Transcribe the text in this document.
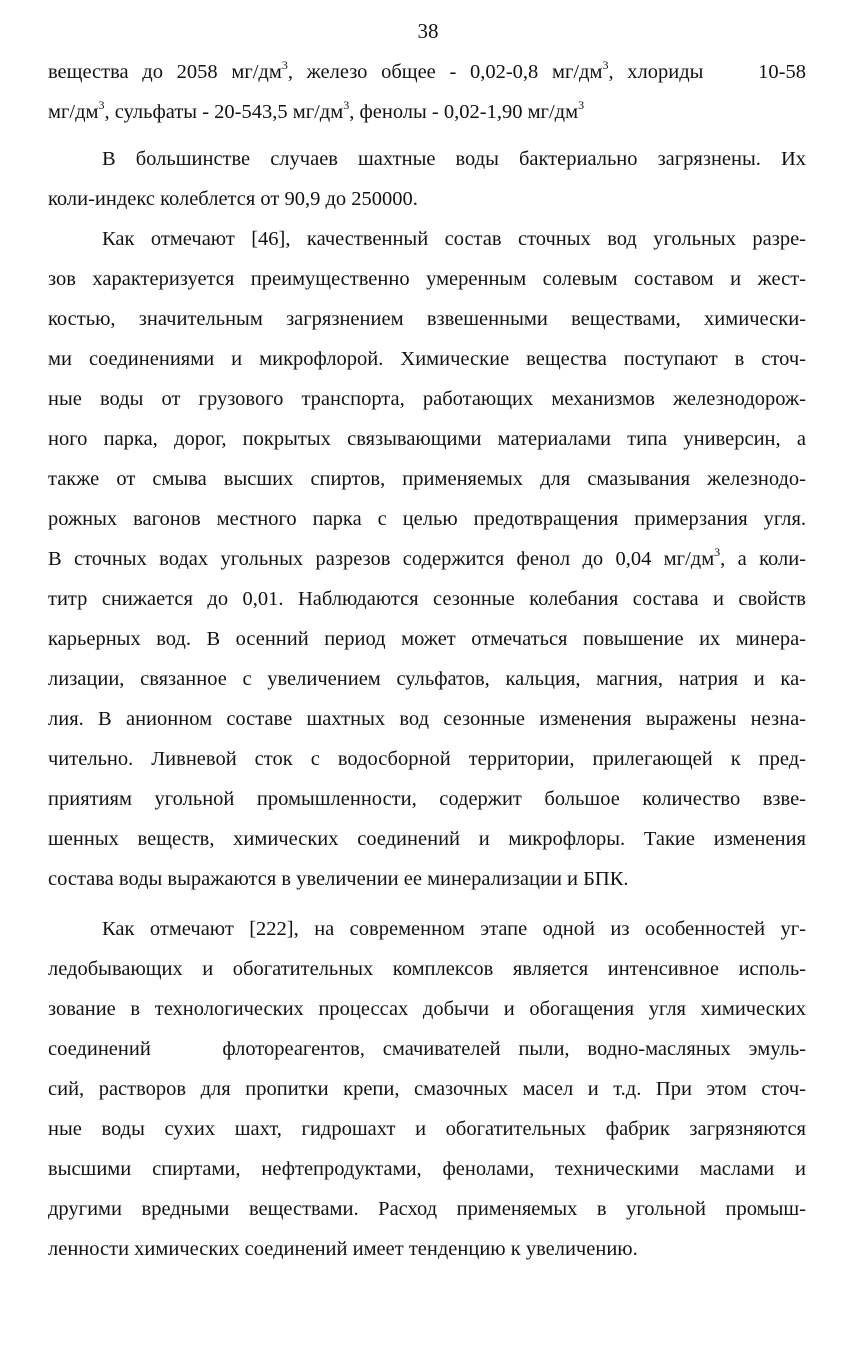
38
вещества до 2058 $мг/дм^3$, железо общее - 0,02-0,8 $мг/дм^3$, хлориды    10-58
$мг/дм^3$, сульфаты - 20-543,5 $мг/дм^3$, фенолы - 0,02-1,90 $мг/дм^3$
В большинстве случаев шахтные воды бактериально загрязнены. Их
коли-индекс колеблется от 90,9 до 250000.
Как отмечают [46], качественный состав сточных вод угольных разре-
зов характеризуется преимущественно умеренным солевым составом и жест-
костью, значительным загрязнением взвешенными веществами, химически-
ми соединениями и микрофлорой. Химические вещества поступают в сточ-
ные воды от грузового транспорта, работающих механизмов железнодорож-
ного парка, дорог, покрытых связывающими материалами типа универсин, а
также от смыва высших спиртов, применяемых для смазывания железнодо-
рожных вагонов местного парка с целью предотвращения примерзания угля.
В сточных водах угольных разрезов содержится фенол до 0,04 $мг/дм^3$, а коли-
титр снижается до 0,01. Наблюдаются сезонные колебания состава и свойств
карьерных вод. В осенний период может отмечаться повышение их минера-
лизации, связанное с увеличением сульфатов, кальция, магния, натрия и ка-
лия. В анионном составе шахтных вод сезонные изменения выражены незна-
чительно. Ливневой сток с водосборной территории, прилегающей к пред-
приятиям угольной промышленности, содержит большое количество взве-
шенных веществ, химических соединений и микрофлоры. Такие изменения
состава воды выражаются в увеличении ее минерализации и БПК.
Как отмечают [222], на современном этапе одной из особенностей уг-
ледобывающих и обогатительных комплексов является интенсивное исполь-
зование в технологических процессах добычи и обогащения угля химических
соединений    флотореагентов, смачивателей пыли, водно-масляных эмуль-
сий, растворов для пропитки крепи, смазочных масел и т.д. При этом сточ-
ные воды сухих шахт, гидрошахт и обогатительных фабрик загрязняются
высшими спиртами, нефтепродуктами, фенолами, техническими маслами и
другими вредными веществами. Расход применяемых в угольной промыш-
ленности химических соединений имеет тенденцию к увеличению.
